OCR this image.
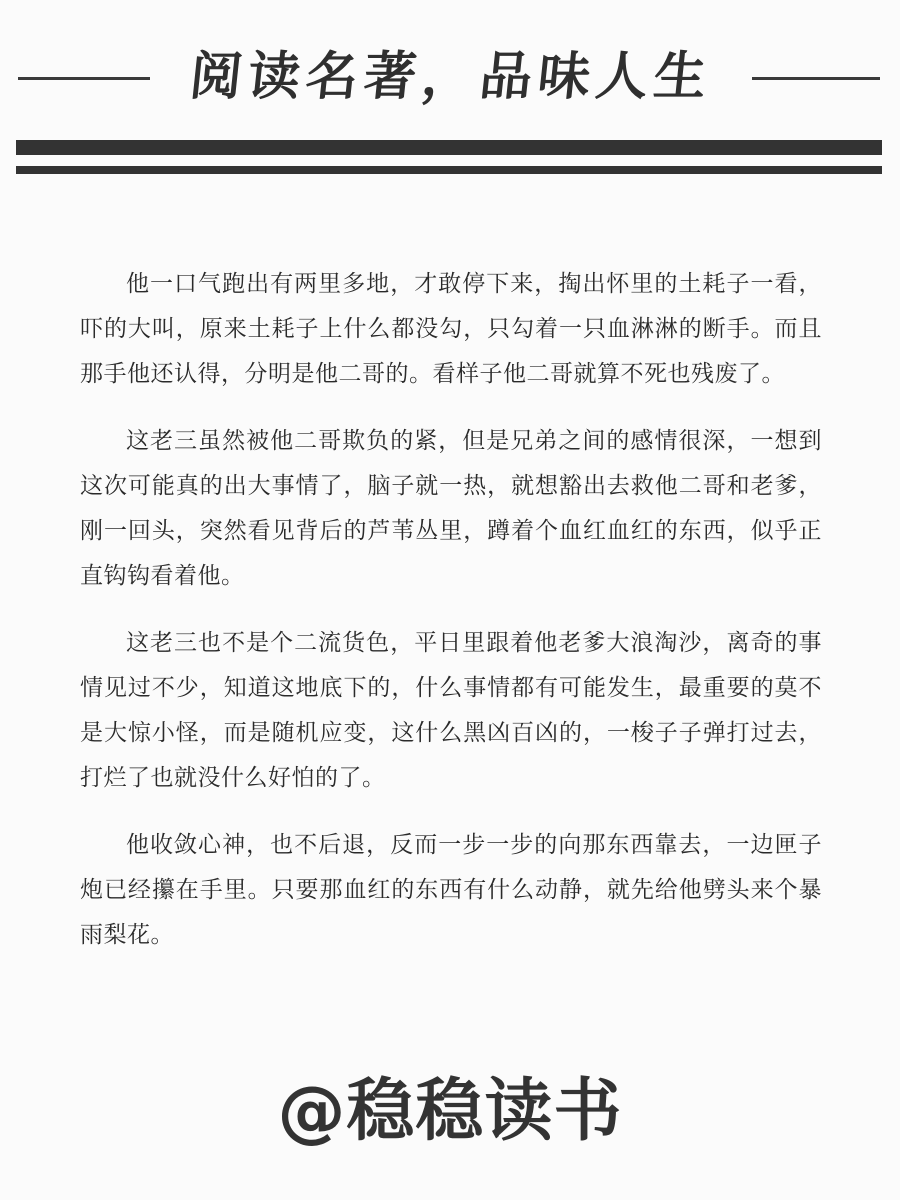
阅读名著，品味人生

他一口气跑出有两里多地，才敢停下来，掏出怀里的土耗子一看，吓的大叫，原来土耗子上什么都没勾，只勾着一只血淋淋的断手。而且那手他还认得，分明是他二哥的。看样子他二哥就算不死也残废了。

这老三虽然被他二哥欺负的紧，但是兄弟之间的感情很深，一想到这次可能真的出大事情了，脑子就一热，就想豁出去救他二哥和老爹，刚一回头，突然看见背后的芦苇丛里，蹲着个血红血红的东西，似乎正直钩钩看着他。

这老三也不是个二流货色，平日里跟着他老爹大浪淘沙，离奇的事情见过不少，知道这地底下的，什么事情都有可能发生，最重要的莫不是大惊小怪，而是随机应变，这什么黑凶百凶的，一梭子子弹打过去，打烂了也就没什么好怕的了。

他收敛心神，也不后退，反而一步一步的向那东西靠去，一边匣子炮已经攥在手里。只要那血红的东西有什么动静，就先给他劈头来个暴雨梨花。

@稳稳读书
